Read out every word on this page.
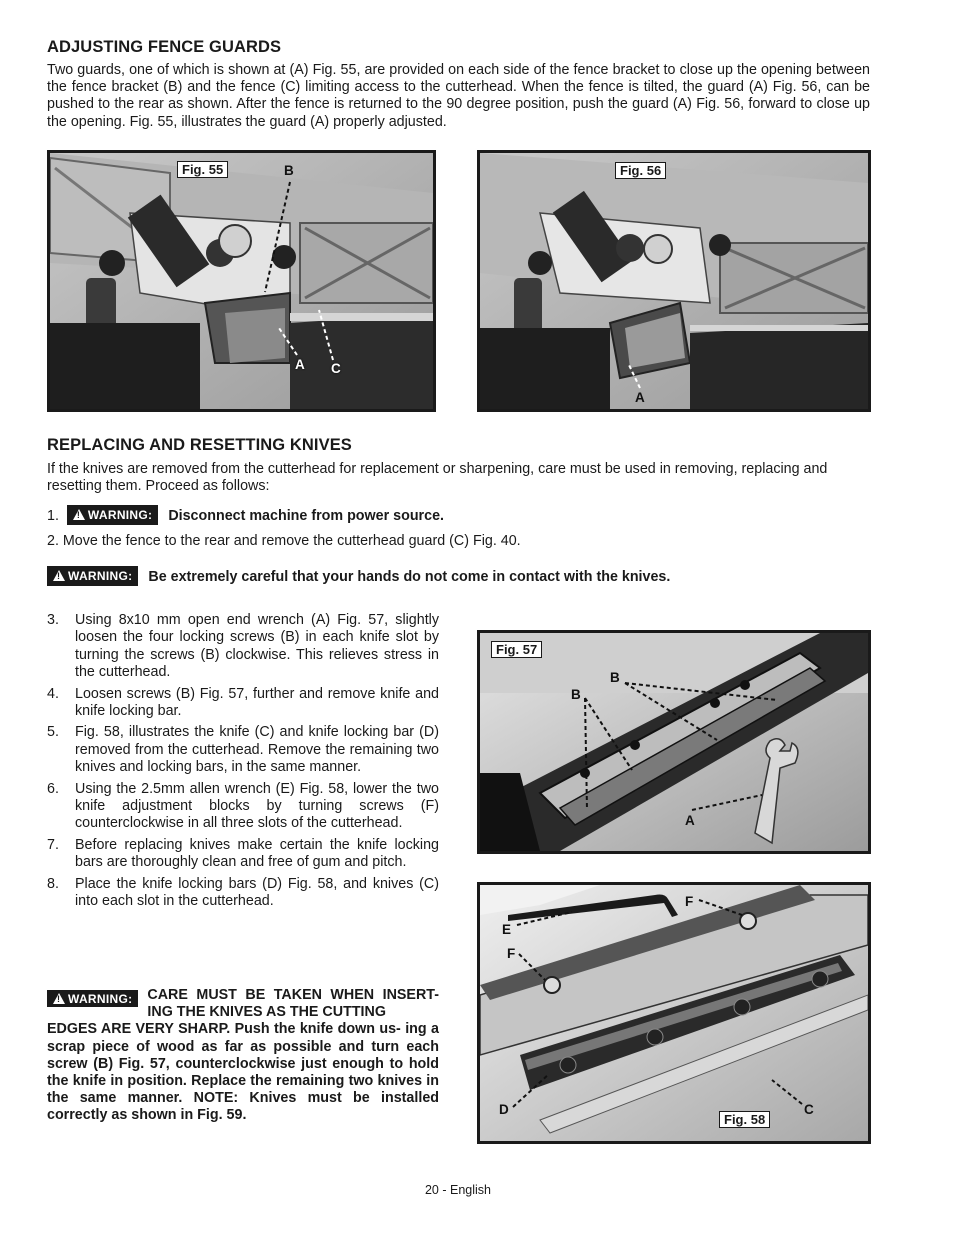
ADJUSTING FENCE GUARDS
Two guards, one of which is shown at (A) Fig. 55, are provided on each side of the fence bracket to close up the opening between the fence bracket (B) and the fence (C) limiting access to the cutterhead. When the fence is tilted, the guard (A) Fig. 56, can be pushed to the rear as shown. After the fence is returned to the 90 degree position, push the guard (A) Fig. 56, forward to close up the opening. Fig. 55, illustrates the guard (A) properly adjusted.
Fig. 55	B
A C
Fig. 56
A
REPLACING AND RESETTING KNIVES
If the knives are removed from the cutterhead for replacement or sharpening, care must be used in removing, replacing and resetting them. Proceed as follows:
1. ! WARNING: Disconnect machine from power source.
2. Move the fence to the rear and remove the cutterhead guard (C) Fig. 40.
!WARNING: Be extremely careful that your hands do not come in contact with the knives.
3. Using 8x10 mm open end wrench (A) Fig. 57, slightly loosen the four locking screws (B) in each knife slot by turning the screws (B) clockwise. This relieves stress in the cutterhead.
4. Loosen screws (B) Fig. 57, further and remove knife and knife locking bar.
5. Fig. 58, illustrates the knife (C) and knife locking bar (D) removed from the cutterhead. Remove the remaining two knives and locking bars, in the same manner.
6. Using the 2.5mm allen wrench (E) Fig. 58, lower the two knife adjustment blocks by turning screws (F) counterclockwise in all three slots of the cutterhead.
7. Before replacing knives make certain the knife locking bars are thoroughly clean and free of gum and pitch.
8. Place the knife locking bars (D) Fig. 58, and knives (C) into each slot in the cutterhead.
!WARNING:	CARE MUST BE TAKEN WHEN INSERT- ING THE KNIVES AS THE CUTTING
EDGES ARE VERY SHARP. Push the knife down us- ing a scrap piece of wood as far as possible and turn each screw (B) Fig. 57, counterclockwise just enough to hold the knife in position. Replace the remaining two knives in the same manner. NOTE: Knives must be installed correctly as shown in Fig. 59.
Fig. 57
B
B
A
F
E
F
D	C
Fig. 58
20 - English
